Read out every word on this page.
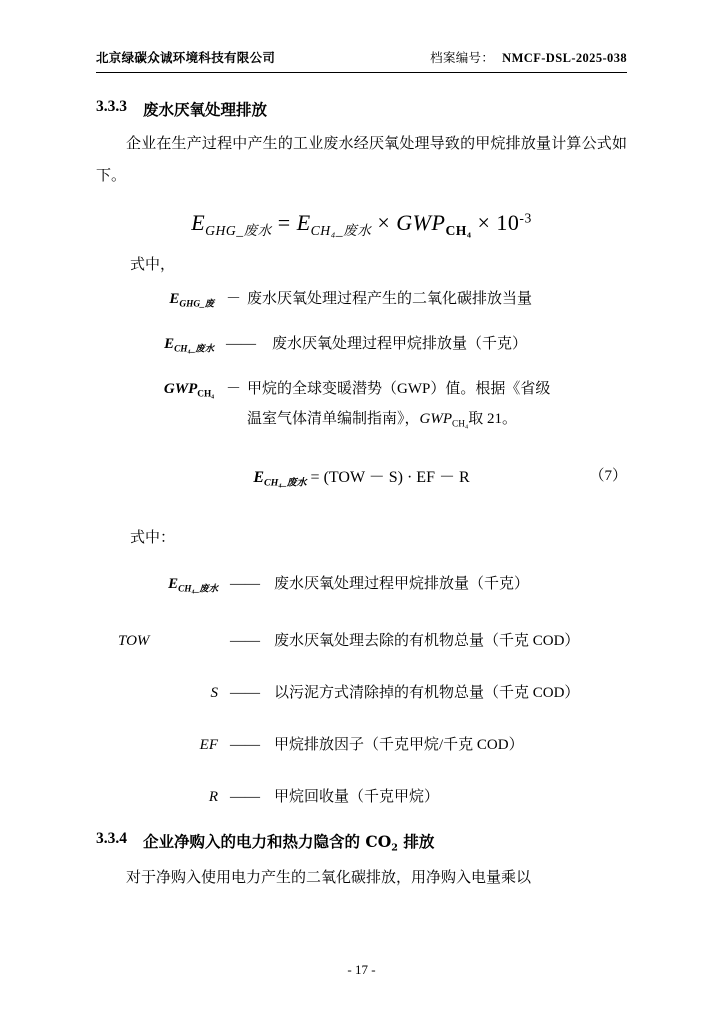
北京绿碳众诚环境科技有限公司	档案编号： NMCF-DSL-2025-038
3.3.3 废水厌氧处理排放

企业在生产过程中产生的工业废水经厌氧处理导致的甲烷排放量计算公式如下。

$E_{GHG\_废水} = E_{CH_4\_废水} \times GWP_{CH_4} \times 10^{-3}$
式中，
$E_{GHG\_废}$ － 废水厌氧处理过程产生的二氧化碳排放当量
$E_{CH_4\_废水}$ ——	废水厌氧处理过程甲烷排放量（千克）
$GWP_{CH_4}$ － 甲烷的全球变暖潜势（GWP）值。根据《省级
温室气体清单编制指南》，$GWP_{CH_4}$取 21。
$E_{CH_4\_废水} = (TOW - S)$ · EF － R	（7）
式中：
$E_{CH_4\_废水}$ —— 废水厌氧处理过程甲烷排放量（千克）
TOW	—— 废水厌氧处理去除的有机物总量（千克 COD）
S —— 以污泥方式清除掉的有机物总量（千克 COD）
EF —— 甲烷排放因子（千克甲烷/千克 COD）
R —— 甲烷回收量（千克甲烷）
3.3.4 企业净购入的电力和热力隐含的 $CO_2$ 排放

对于净购入使用电力产生的二氧化碳排放，用净购入电量乘以

- 17 -
